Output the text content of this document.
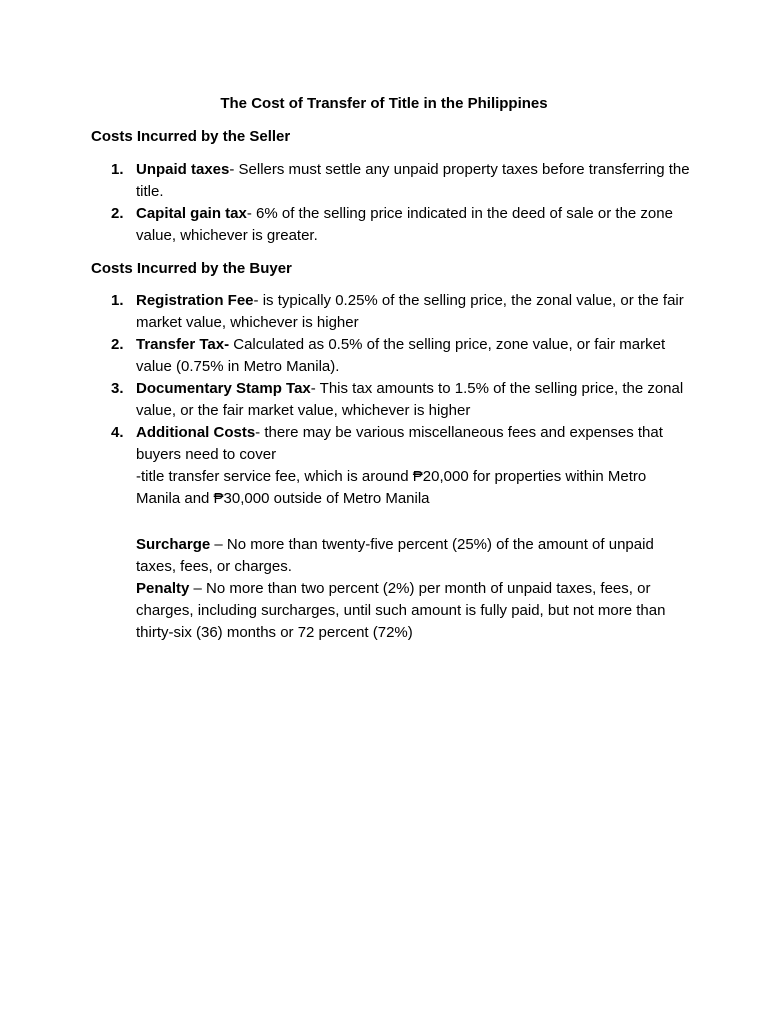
The Cost of Transfer of Title in the Philippines
Costs Incurred by the Seller
1. Unpaid taxes- Sellers must settle any unpaid property taxes before transferring the title.
2. Capital gain tax- 6% of the selling price indicated in the deed of sale or the zone value, whichever is greater.
Costs Incurred by the Buyer
1. Registration Fee- is typically 0.25% of the selling price, the zonal value, or the fair market value, whichever is higher
2. Transfer Tax- Calculated as 0.5% of the selling price, zone value, or fair market value (0.75% in Metro Manila).
3. Documentary Stamp Tax- This tax amounts to 1.5% of the selling price, the zonal value, or the fair market value, whichever is higher
4. Additional Costs- there may be various miscellaneous fees and expenses that buyers need to cover
-title transfer service fee, which is around ₱20,000 for properties within Metro Manila and ₱30,000 outside of Metro Manila

Surcharge – No more than twenty-five percent (25%) of the amount of unpaid taxes, fees, or charges.

Penalty – No more than two percent (2%) per month of unpaid taxes, fees, or charges, including surcharges, until such amount is fully paid, but not more than thirty-six (36) months or 72 percent (72%)
